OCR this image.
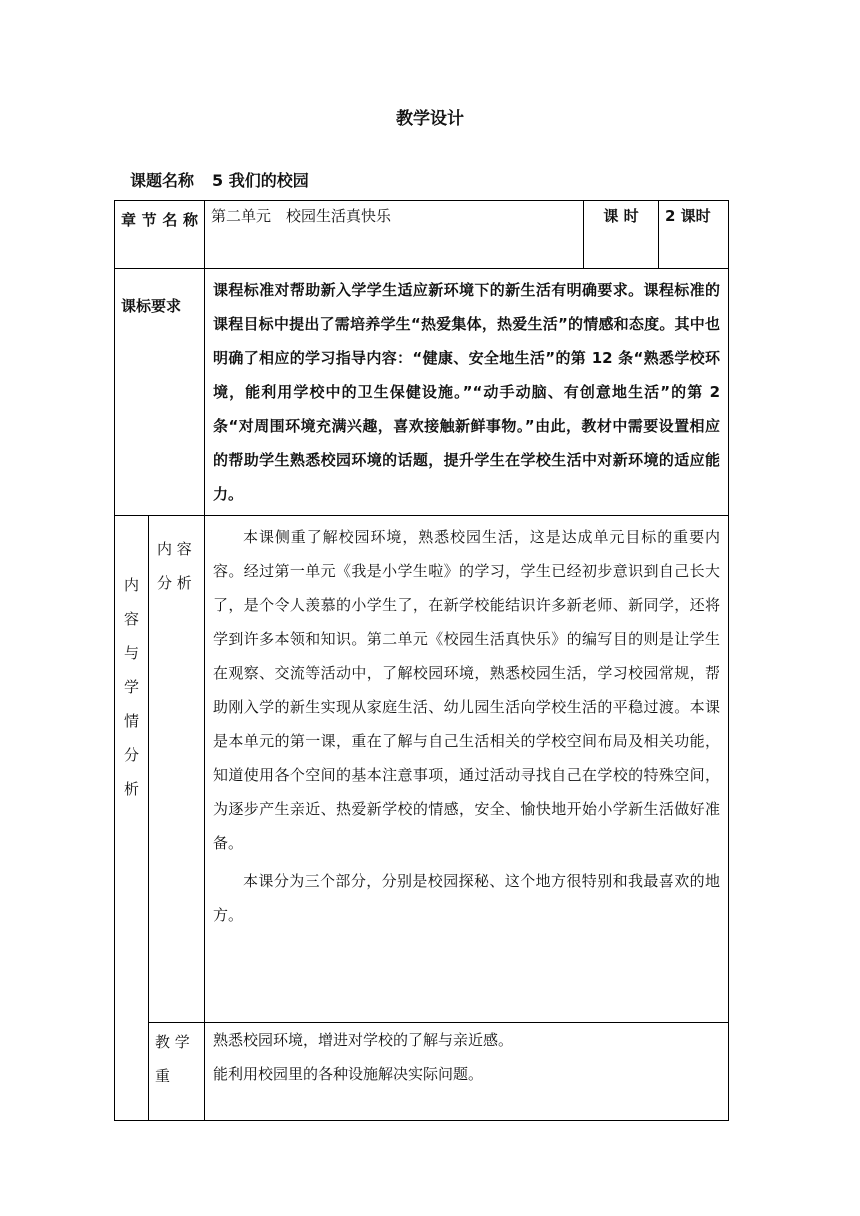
教学设计
课题名称 5 我们的校园
章 节 名 称		第二单元　校园生活真快乐	课 时	2 课时

课标要求		课程标准对帮助新入学学生适应新环境下的新生活有明确要求。课程标准的课程目标中提出了需培养学生“热爱集体，热爱生活”的情感和态度。其中也明确了相应的学习指导内容：“健康、安全地生活”的第 12 条“熟悉学校环境，能利用学校中的卫生保健设施。”“动手动脑、有创意地生活”的第 2 条“对周围环境充满兴趣，喜欢接触新鲜事物。”由此，教材中需要设置相应的帮助学生熟悉校园环境的话题，提升学生在学校生活中对新环境的适应能力。		

内容与学情分析	内 容 分 析	本课侧重了解校园环境，熟悉校园生活，这是达成单元目标的重要内容。经过第一单元《我是小学生啦》的学习，学生已经初步意识到自己长大了，是个令人羡慕的小学生了，在新学校能结识许多新老师、新同学，还将学到许多本领和知识。第二单元《校园生活真快乐》的编写目的则是让学生在观察、交流等活动中，了解校园环境，熟悉校园生活，学习校园常规，帮助刚入学的新生实现从家庭生活、幼儿园生活向学校生活的平稳过渡。本课是本单元的第一课，重在了解与自己生活相关的学校空间布局及相关功能，知道使用各个空间的基本注意事项，通过活动寻找自己在学校的特殊空间，为逐步产生亲近、热爱新学校的情感，安全、愉快地开始小学新生活做好准备。
本课分为三个部分，分别是校园探秘、这个地方很特别和我最喜欢的地方。		

	教 学 重	熟悉校园环境，增进对学校的了解与亲近感。
能利用校园里的各种设施解决实际问题。		
